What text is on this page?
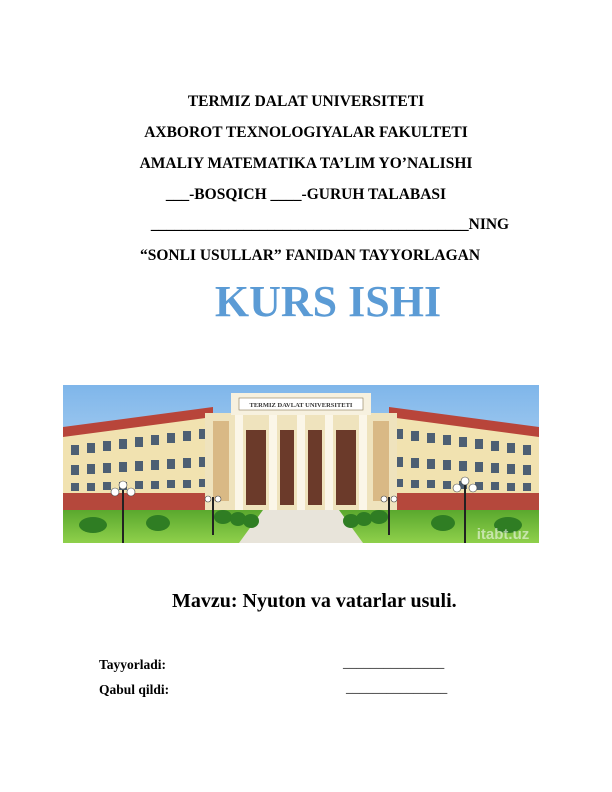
TERMIZ DALAT UNIVERSITETI
AXBOROT TEXNOLOGIYALAR FAKULTETI
AMALIY MATEMATIKA TA’LIM YO’NALISHI
___-BOSQICH ____-GURUH TALABASI
_________________________________________NING
“SONLI USULLAR” FANIDAN TAYYORLAGAN
KURS ISHI
TERMIZ DAVLAT UNIVERSITETI
itabt.uz
Mavzu: Nyuton va vatarlar usuli.
Tayyorladi:	_______________
Qabul qildi:	_______________
